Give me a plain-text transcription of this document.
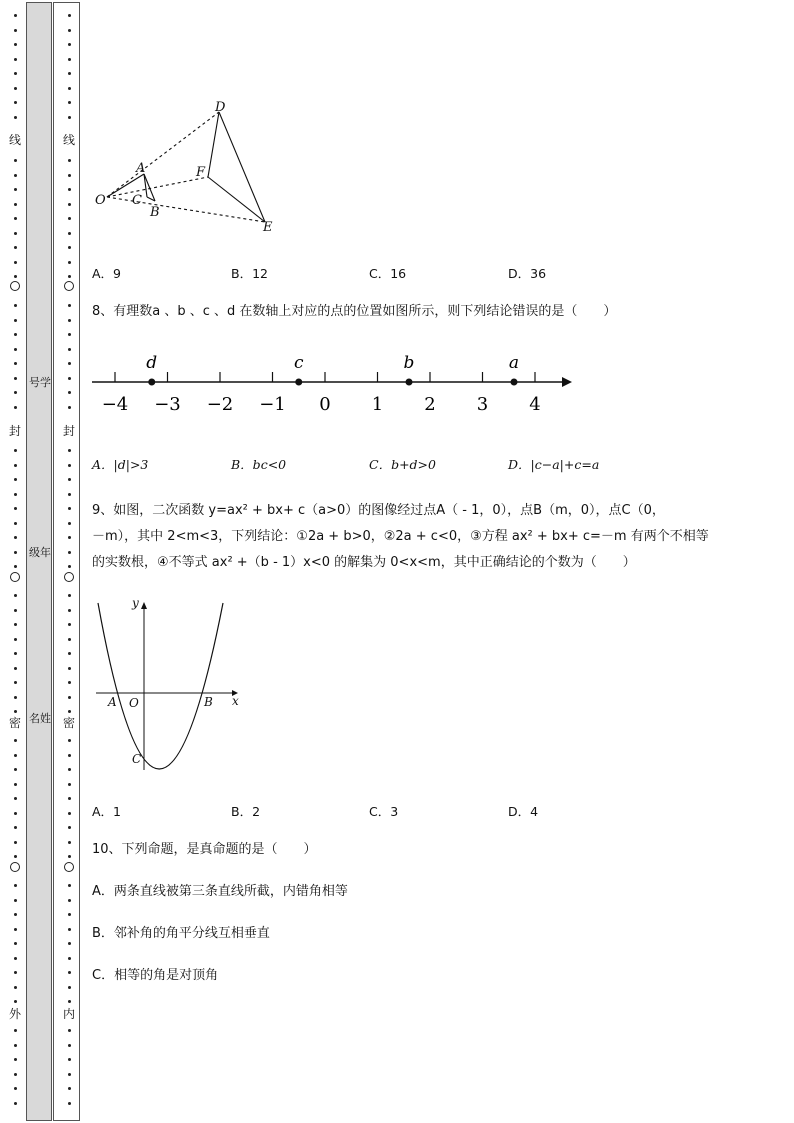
线
封
密
外
号学
级年
名姓
线
封
密
内
D
A	F
O C
B
E
A．9	B．12	C．16	D．36
8、有理数a 、b 、c 、d 在数轴上对应的点的位置如图所示，则下列结论错误的是（　　）
−4 −3 −2 −1 0 1 2 3 4
d	c	b	a
A．|d|>3	B．bc<0	C．b+d>0	D．|c−a|+c=a
9、如图，二次函数 y=ax² + bx+ c（a>0）的图像经过点A（ - 1，0），点B（m，0），点C（0，
－m），其中 2<m<3，下列结论：①2a + b>0，②2a + c<0，③方程 ax² + bx+ c=－m 有两个不相等
的实数根，④不等式 ax² +（b - 1）x<0 的解集为 0<x<m，其中正确结论的个数为（　　）
y
x
A O	B
C
A．1	B．2	C．3	D．4
10、下列命题，是真命题的是（　　）
A．两条直线被第三条直线所截，内错角相等
B．邻补角的角平分线互相垂直
C．相等的角是对顶角
